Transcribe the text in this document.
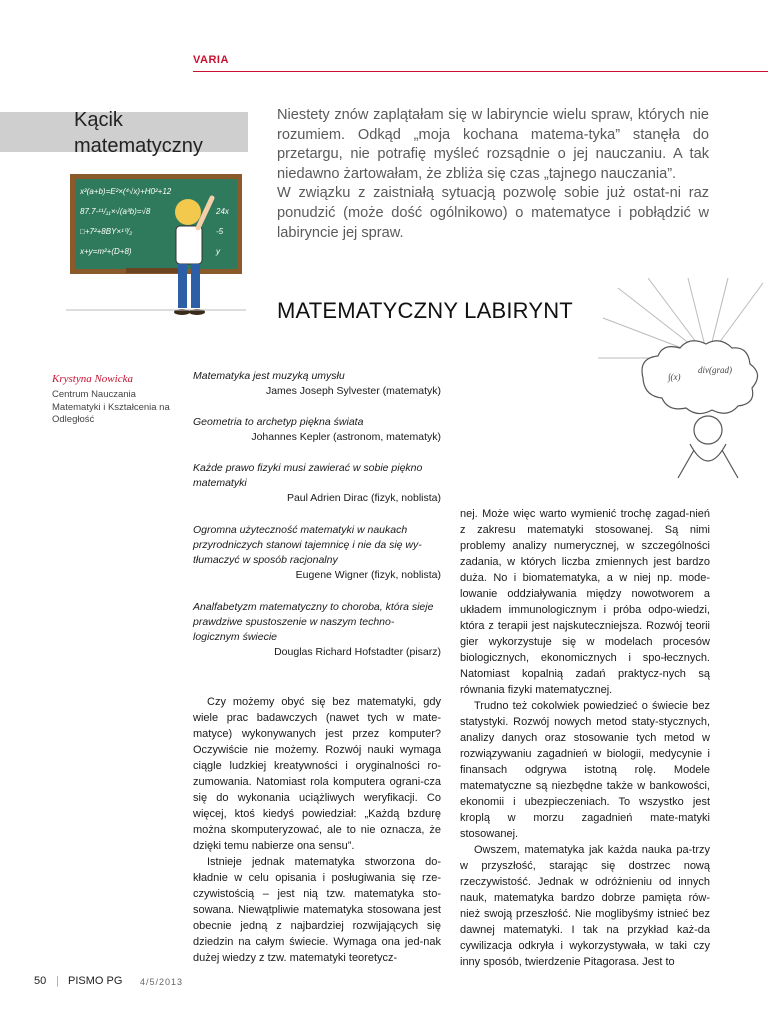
VARIA
Kącik
matematyczny
x²(a+b)=E²×(⁴√x)+H0²+12
87.7-¹¹/₁₁×√(a³b)=√8
□+7²+8BY×¹⁰/₂
24x
x+y=m²+(D+8)
-5
y

Niestety znów zaplątałam się w labiryncie wielu spraw, których nie rozumiem. Odkąd „moja kochana matema-tyka” stanęła do przetargu, nie potrafię myśleć rozsądnie o jej nauczaniu. A tak niedawno żartowałam, że zbliża się czas „tajnego nauczania”.

W związku z zaistniałą sytuacją pozwolę sobie już ostat-ni raz ponudzić (może dość ogólnikowo) o matematyce i pobłądzić w labiryncie jej spraw.

∫(x)
div(grad)
MATEMATYCZNY LABIRYNT
Krystyna Nowicka
Centrum Nauczania Matematyki i Kształcenia na Odległość
Matematyka jest muzyką umysłu
James Joseph Sylvester (matematyk)
Geometria to archetyp piękna świata
Johannes Kepler (astronom, matematyk)
Każde prawo fizyki musi zawierać w sobie piękno matematyki
Paul Adrien Dirac (fizyk, noblista)
Ogromna użyteczność matematyki w naukach przyrodniczych stanowi tajemnicę i nie da się wy-tłumaczyć w sposób racjonalny
Eugene Wigner (fizyk, noblista)
Analfabetyzm matematyczny to choroba, która sieje prawdziwe spustoszenie w naszym techno-logicznym świecie
Douglas Richard Hofstadter (pisarz)

Czy możemy obyć się bez matematyki, gdy wiele prac badawczych (nawet tych w mate-matyce) wykonywanych jest przez komputer? Oczywiście nie możemy. Rozwój nauki wymaga ciągle ludzkiej kreatywności i oryginalności ro-zumowania. Natomiast rola komputera ograni-cza się do wykonania uciążliwych weryfikacji. Co więcej, ktoś kiedyś powiedział: „Każdą bzdurę można skomputeryzować, ale to nie oznacza, że dzięki temu nabierze ona sensu”.

Istnieje jednak matematyka stworzona do-kładnie w celu opisania i posługiwania się rze-czywistością – jest nią tzw. matematyka sto-sowana. Niewątpliwie matematyka stosowana jest obecnie jedną z najbardziej rozwijających się dziedzin na całym świecie. Wymaga ona jed-nak dużej wiedzy z tzw. matematyki teoretycz-

nej. Może więc warto wymienić trochę zagad-nień z zakresu matematyki stosowanej. Są nimi problemy analizy numerycznej, w szczególności zadania, w których liczba zmiennych jest bardzo duża. No i biomatematyka, a w niej np. mode-lowanie oddziaływania między nowotworem a układem immunologicznym i próba odpo-wiedzi, która z terapii jest najskuteczniejsza. Rozwój teorii gier wykorzystuje się w modelach procesów biologicznych, ekonomicznych i spo-łecznych. Natomiast kopalnią zadań praktycz-nych są równania fizyki matematycznej.

Trudno też cokolwiek powiedzieć o świecie bez statystyki. Rozwój nowych metod staty-stycznych, analizy danych oraz stosowanie tych metod w rozwiązywaniu zagadnień w biologii, medycynie i finansach odgrywa istotną rolę. Modele matematyczne są niezbędne także w bankowości, ekonomii i ubezpieczeniach. To wszystko jest kroplą w morzu zagadnień mate-matyki stosowanej.

Owszem, matematyka jak każda nauka pa-trzy w przyszłość, starając się dostrzec nową rzeczywistość. Jednak w odróżnieniu od innych nauk, matematyka bardzo dobrze pamięta rów-nież swoją przeszłość. Nie moglibyśmy istnieć bez dawnej matematyki. I tak na przykład każ-da cywilizacja odkryła i wykorzystywała, w taki czy inny sposób, twierdzenie Pitagorasa. Jest to

50 | PISMO PG 4/5/2013
